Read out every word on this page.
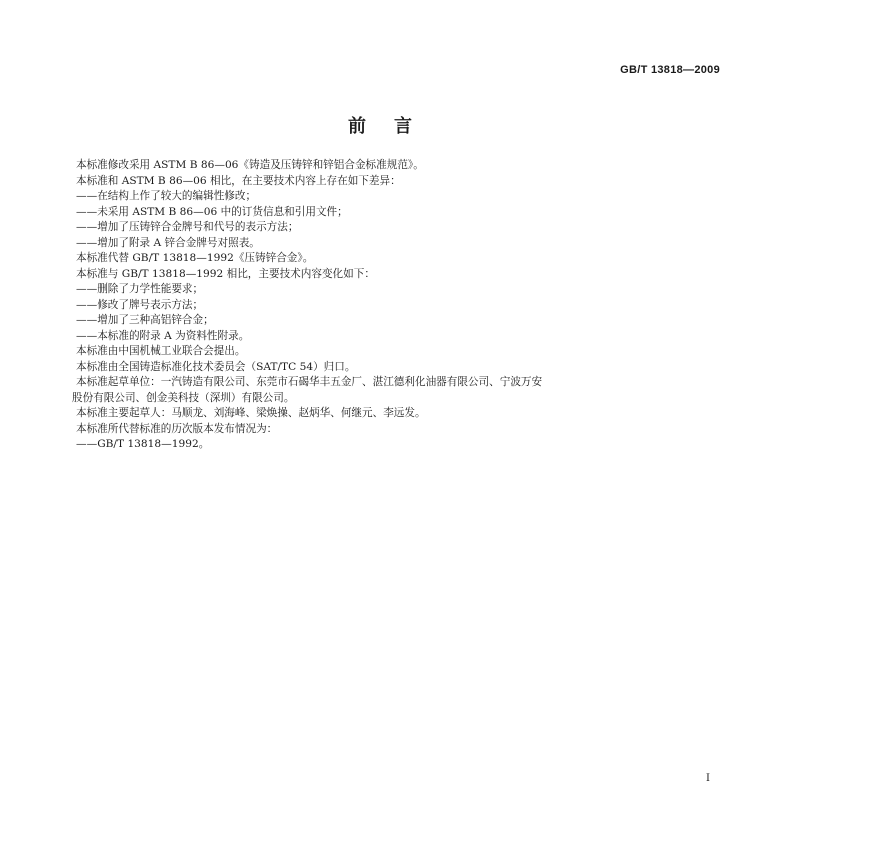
GB/T 13818—2009
前言
本标准修改采用 ASTM B 86—06《铸造及压铸锌和锌铝合金标准规范》。
本标准和 ASTM B 86—06 相比，在主要技术内容上存在如下差异：
——在结构上作了较大的编辑性修改；
——未采用 ASTM B 86—06 中的订货信息和引用文件；
——增加了压铸锌合金牌号和代号的表示方法；
——增加了附录 A 锌合金牌号对照表。
本标准代替 GB/T 13818—1992《压铸锌合金》。
本标准与 GB/T 13818—1992 相比，主要技术内容变化如下：
——删除了力学性能要求；
——修改了牌号表示方法；
——增加了三种高铝锌合金；
——本标准的附录 A 为资料性附录。
本标准由中国机械工业联合会提出。
本标准由全国铸造标准化技术委员会（SAT/TC 54）归口。
本标准起草单位：一汽铸造有限公司、东莞市石碣华丰五金厂、湛江德利化油器有限公司、宁波万安
股份有限公司、创金美科技（深圳）有限公司。
本标准主要起草人：马顺龙、刘海峰、梁焕操、赵炳华、何继元、李远发。
本标准所代替标准的历次版本发布情况为：
——GB/T 13818—1992。
I
